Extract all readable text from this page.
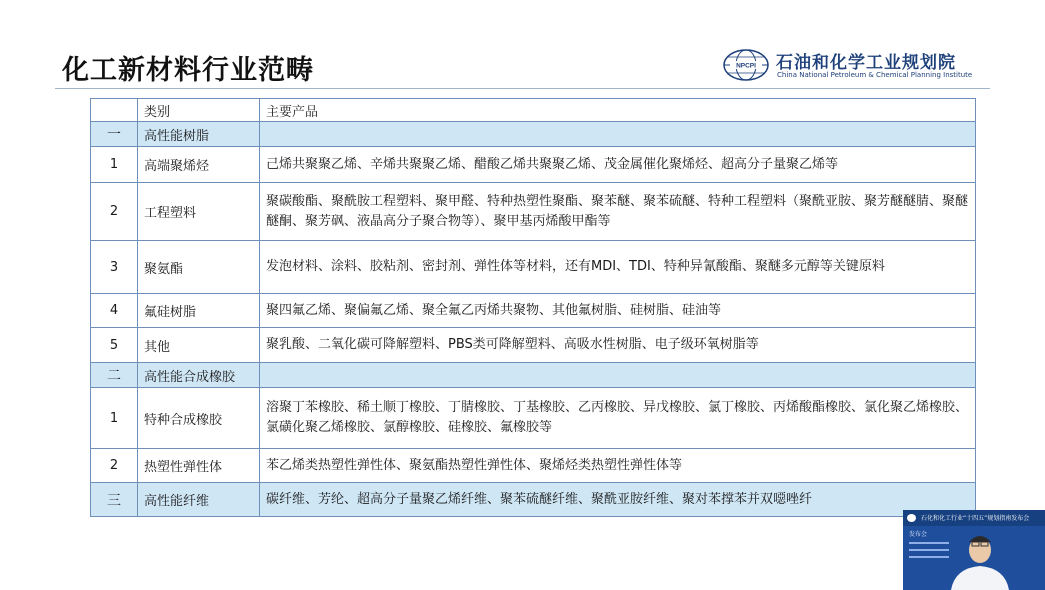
化工新材料行业范畴	NPCPI 石油和化学工业规划院
China National Petroleum & Chemical Planning Institute
	类别	主要产品
一	高性能树脂	
1	高端聚烯烃	己烯共聚聚乙烯、辛烯共聚聚乙烯、醋酸乙烯共聚聚乙烯、茂金属催化聚烯烃、超高分子量聚乙烯等
2	工程塑料	聚碳酸酯、聚酰胺工程塑料、聚甲醛、特种热塑性聚酯、聚苯醚、聚苯硫醚、特种工程塑料（聚酰亚胺、聚芳醚醚腈、聚醚醚酮、聚芳砜、液晶高分子聚合物等）、聚甲基丙烯酸甲酯等
3	聚氨酯	发泡材料、涂料、胶粘剂、密封剂、弹性体等材料，还有MDI、TDI、特种异氰酸酯、聚醚多元醇等关键原料
4	氟硅树脂	聚四氟乙烯、聚偏氟乙烯、聚全氟乙丙烯共聚物、其他氟树脂、硅树脂、硅油等
5	其他	聚乳酸、二氧化碳可降解塑料、PBS类可降解塑料、高吸水性树脂、电子级环氧树脂等
二	高性能合成橡胶	
1	特种合成橡胶	溶聚丁苯橡胶、稀土顺丁橡胶、丁腈橡胶、丁基橡胶、乙丙橡胶、异戊橡胶、氯丁橡胶、丙烯酸酯橡胶、氯化聚乙烯橡胶、氯磺化聚乙烯橡胶、氯醇橡胶、硅橡胶、氟橡胶等
2	热塑性弹性体	苯乙烯类热塑性弹性体、聚氨酯热塑性弹性体、聚烯烃类热塑性弹性体等
三	高性能纤维	碳纤维、芳纶、超高分子量聚乙烯纤维、聚苯硫醚纤维、聚酰亚胺纤维、聚对苯撑苯并双噁唑纤
石化和化工行业“十四五”规划指南发布会
发布会
